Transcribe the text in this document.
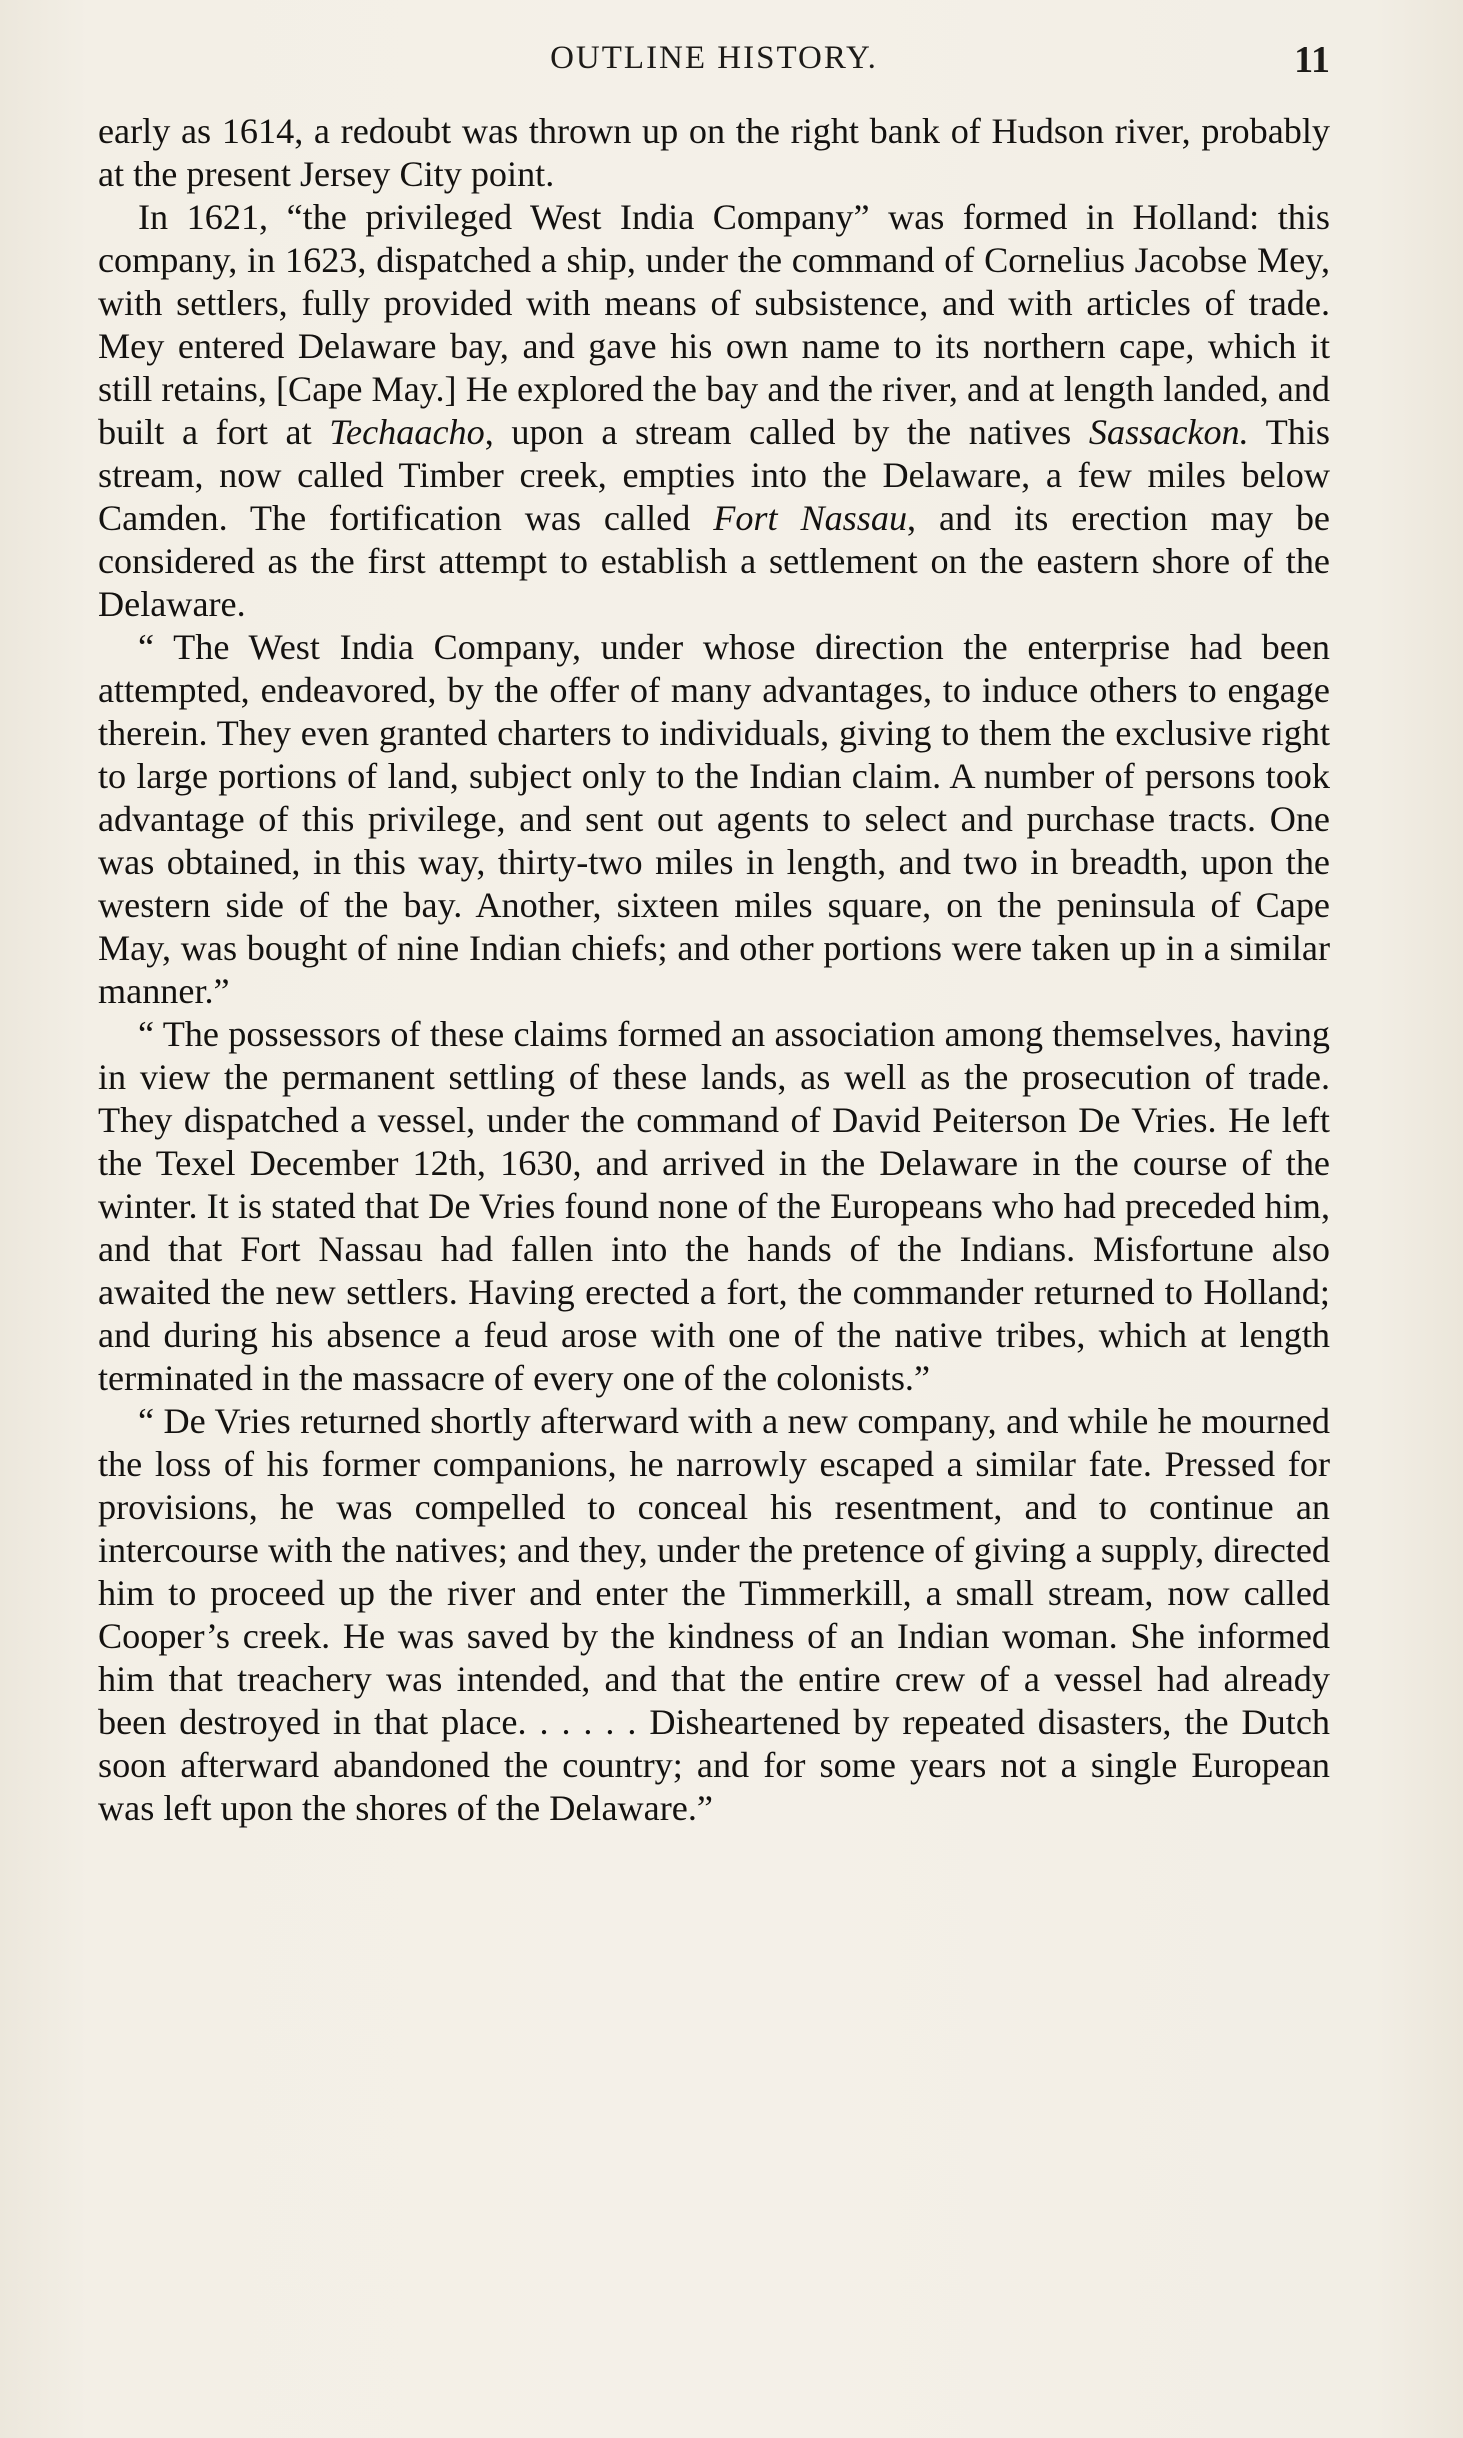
OUTLINE HISTORY.	11

early as 1614, a redoubt was thrown up on the right bank of Hudson river, probably at the present Jersey City point.

In 1621, “the privileged West India Company” was formed in Holland: this company, in 1623, dispatched a ship, under the command of Cornelius Jacobse Mey, with settlers, fully provided with means of subsistence, and with articles of trade. Mey entered Delaware bay, and gave his own name to its northern cape, which it still retains, [Cape May.] He explored the bay and the river, and at length landed, and built a fort at Techaacho, upon a stream called by the natives Sassackon. This stream, now called Timber creek, empties into the Delaware, a few miles below Camden. The fortification was called Fort Nassau, and its erection may be considered as the first attempt to establish a settlement on the eastern shore of the Delaware.

“ The West India Company, under whose direction the enterprise had been attempted, endeavored, by the offer of many advantages, to induce others to engage therein. They even granted charters to individuals, giving to them the exclusive right to large portions of land, subject only to the Indian claim. A number of persons took advantage of this privilege, and sent out agents to select and purchase tracts. One was obtained, in this way, thirty-two miles in length, and two in breadth, upon the western side of the bay. Another, sixteen miles square, on the peninsula of Cape May, was bought of nine Indian chiefs; and other portions were taken up in a similar manner.”

“ The possessors of these claims formed an association among themselves, having in view the permanent settling of these lands, as well as the prosecution of trade. They dispatched a vessel, under the command of David Peiterson De Vries. He left the Texel December 12th, 1630, and arrived in the Delaware in the course of the winter. It is stated that De Vries found none of the Europeans who had preceded him, and that Fort Nassau had fallen into the hands of the Indians. Misfortune also awaited the new settlers. Having erected a fort, the commander returned to Holland; and during his absence a feud arose with one of the native tribes, which at length terminated in the massacre of every one of the colonists.”

“ De Vries returned shortly afterward with a new company, and while he mourned the loss of his former companions, he narrowly escaped a similar fate. Pressed for provisions, he was compelled to conceal his resentment, and to continue an intercourse with the natives; and they, under the pretence of giving a supply, directed him to proceed up the river and enter the Timmerkill, a small stream, now called Cooper’s creek. He was saved by the kindness of an Indian woman. She informed him that treachery was intended, and that the entire crew of a vessel had already been destroyed in that place. . . . . . Disheartened by repeated disasters, the Dutch soon afterward abandoned the country; and for some years not a single European was left upon the shores of the Delaware.”
